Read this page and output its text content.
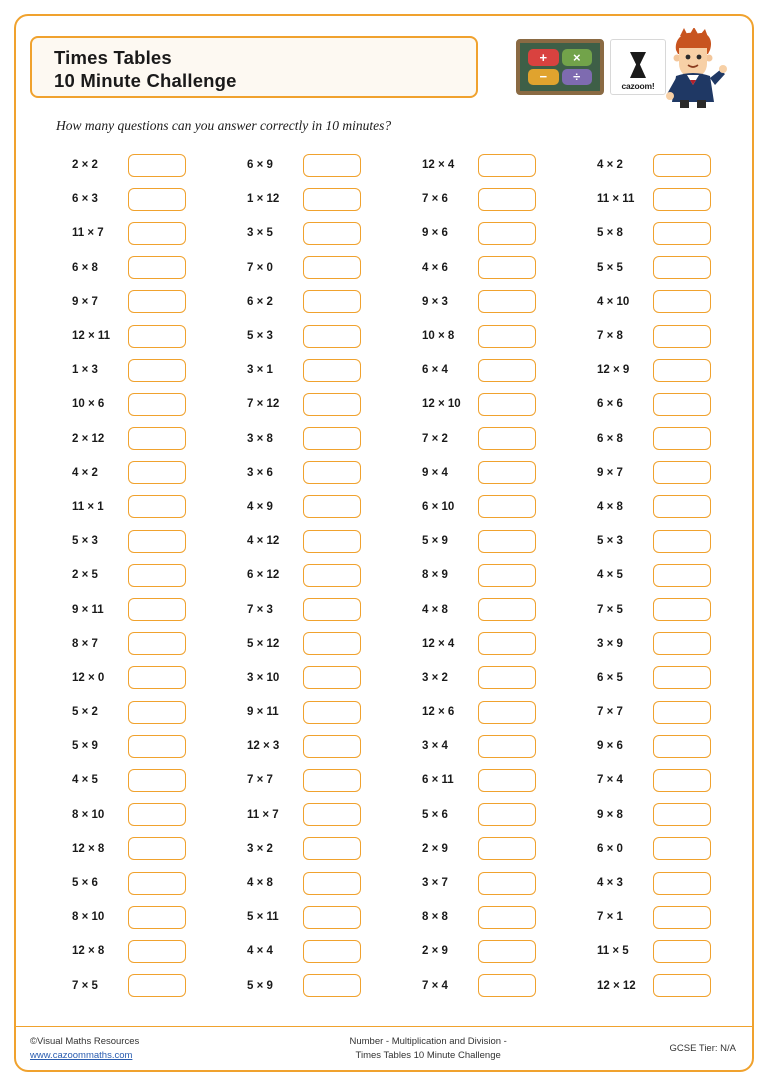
Times Tables
10 Minute Challenge
+	×
−	÷
cazoom!
How many questions can you answer correctly in 10 minutes?
2 × 2
6 × 3
11 × 7
6 × 8
9 × 7
12 × 11
1 × 3
10 × 6
2 × 12
4 × 2
11 × 1
5 × 3
2 × 5
9 × 11
8 × 7
12 × 0
5 × 2
5 × 9
4 × 5
8 × 10
12 × 8
5 × 6
8 × 10
12 × 8
7 × 5
6 × 9
1 × 12
3 × 5
7 × 0
6 × 2
5 × 3
3 × 1
7 × 12
3 × 8
3 × 6
4 × 9
4 × 12
6 × 12
7 × 3
5 × 12
3 × 10
9 × 11
12 × 3
7 × 7
11 × 7
3 × 2
4 × 8
5 × 11
4 × 4
5 × 9
12 × 4
7 × 6
9 × 6
4 × 6
9 × 3
10 × 8
6 × 4
12 × 10
7 × 2
9 × 4
6 × 10
5 × 9
8 × 9
4 × 8
12 × 4
3 × 2
12 × 6
3 × 4
6 × 11
5 × 6
2 × 9
3 × 7
8 × 8
2 × 9
7 × 4
4 × 2
11 × 11
5 × 8
5 × 5
4 × 10
7 × 8
12 × 9
6 × 6
6 × 8
9 × 7
4 × 8
5 × 3
4 × 5
7 × 5
3 × 9
6 × 5
7 × 7
9 × 6
7 × 4
9 × 8
6 × 0
4 × 3
7 × 1
11 × 5
12 × 12
©Visual Maths Resources
www.cazoommaths.com
Number - Multiplication and Division -
Times Tables 10 Minute Challenge
GCSE Tier: N/A
